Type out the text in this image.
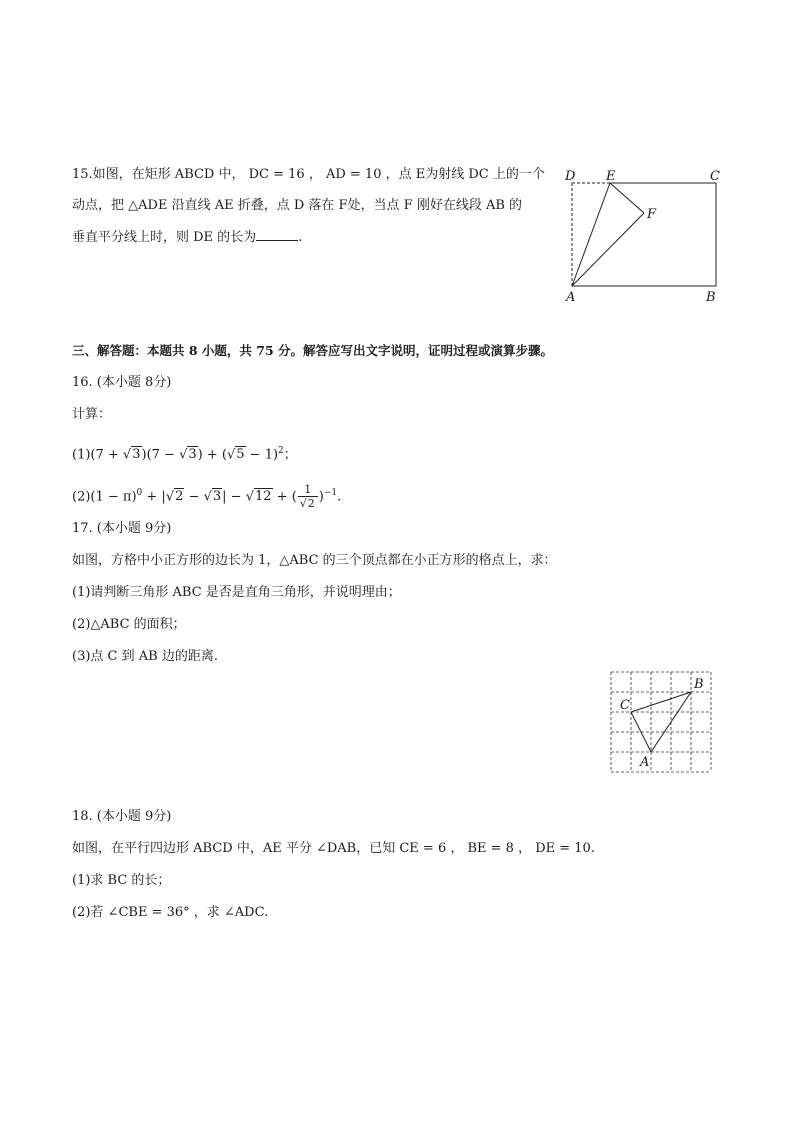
15.如图，在矩形 ABCD 中， DC = 16 ， AD = 10 ，点 E为射线 DC 上的一个
动点，把 △ADE 沿直线 AE 折叠，点 D 落在 F处，当点 F 刚好在线段 AB 的
垂直平分线上时，则 DE 的长为	.
D E	C
F
A	B
三、解答题：本题共 8 小题，共 75 分。解答应写出文字说明，证明过程或演算步骤。
16. (本小题 8分)
计算：
$(1)(7 + √3)(7 - √3) + (√5 - 1)^2$；
$(2)(1 - \pi)^0 + |√2 - √3| - √12$ + ( $\frac{1}{√2} )^{-1}$.
17. (本小题 9分)
如图，方格中小正方形的边长为 1，△ABC 的三个顶点都在小正方形的格点上，求：
(1)请判断三角形 ABC 是否是直角三角形，并说明理由；
(2)△ABC 的面积；
(3)点 C 到 AB 边的距离.
B
C
A
18. (本小题 9分)
如图，在平行四边形 ABCD 中，AE 平分 ∠DAB，已知 CE = 6 ， BE = 8 ， DE = 10.
(1)求 BC 的长；
(2)若 ∠CBE = 36° ，求 ∠ADC.
